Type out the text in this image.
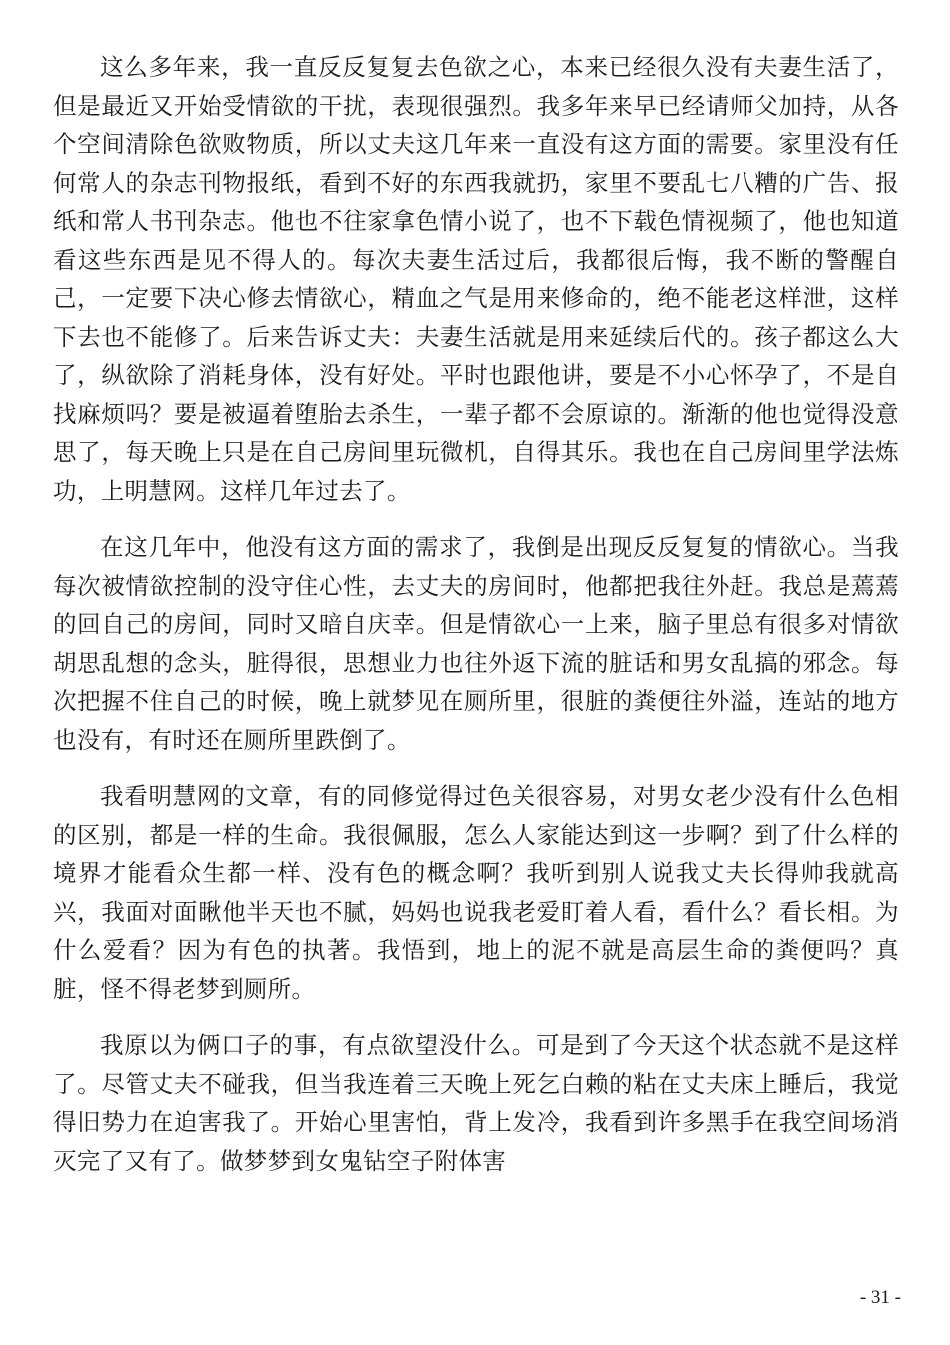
这么多年来，我一直反反复复去色欲之心，本来已经很久没有夫妻生活了，但是最近又开始受情欲的干扰，表现很强烈。我多年来早已经请师父加持，从各个空间清除色欲败物质，所以丈夫这几年来一直没有这方面的需要。家里没有任何常人的杂志刊物报纸，看到不好的东西我就扔，家里不要乱七八糟的广告、报纸和常人书刊杂志。他也不往家拿色情小说了，也不下载色情视频了，他也知道看这些东西是见不得人的。每次夫妻生活过后，我都很后悔，我不断的警醒自己，一定要下决心修去情欲心，精血之气是用来修命的，绝不能老这样泄，这样下去也不能修了。后来告诉丈夫：夫妻生活就是用来延续后代的。孩子都这么大了，纵欲除了消耗身体，没有好处。平时也跟他讲，要是不小心怀孕了，不是自找麻烦吗？要是被逼着堕胎去杀生，一辈子都不会原谅的。渐渐的他也觉得没意思了，每天晚上只是在自己房间里玩微机，自得其乐。我也在自己房间里学法炼功，上明慧网。这样几年过去了。

在这几年中，他没有这方面的需求了，我倒是出现反反复复的情欲心。当我每次被情欲控制的没守住心性，去丈夫的房间时，他都把我往外赶。我总是蔫蔫的回自己的房间，同时又暗自庆幸。但是情欲心一上来，脑子里总有很多对情欲胡思乱想的念头，脏得很，思想业力也往外返下流的脏话和男女乱搞的邪念。每次把握不住自己的时候，晚上就梦见在厕所里，很脏的粪便往外溢，连站的地方也没有，有时还在厕所里跌倒了。

我看明慧网的文章，有的同修觉得过色关很容易，对男女老少没有什么色相的区别，都是一样的生命。我很佩服，怎么人家能达到这一步啊？到了什么样的境界才能看众生都一样、没有色的概念啊？我听到别人说我丈夫长得帅我就高兴，我面对面瞅他半天也不腻，妈妈也说我老爱盯着人看，看什么？看长相。为什么爱看？因为有色的执著。我悟到，地上的泥不就是高层生命的粪便吗？真脏，怪不得老梦到厕所。

我原以为俩口子的事，有点欲望没什么。可是到了今天这个状态就不是这样了。尽管丈夫不碰我，但当我连着三天晚上死乞白赖的粘在丈夫床上睡后，我觉得旧势力在迫害我了。开始心里害怕，背上发冷，我看到许多黑手在我空间场消灭完了又有了。做梦梦到女鬼钻空子附体害

- 31 -
